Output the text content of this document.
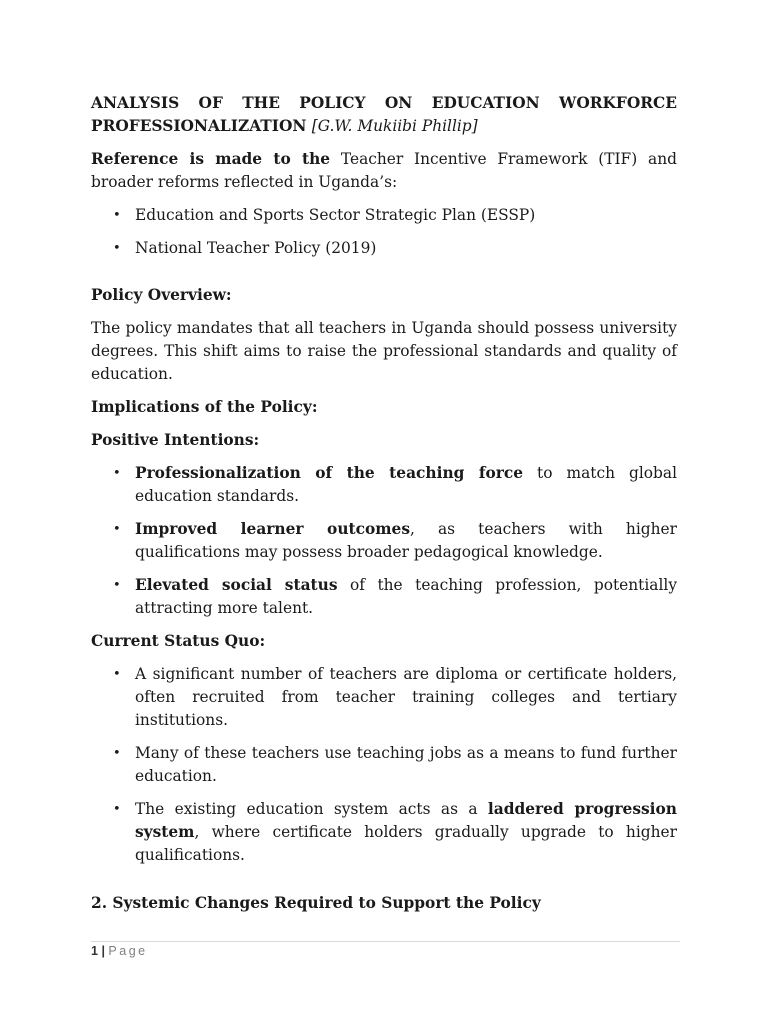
ANALYSIS OF THE POLICY ON EDUCATION WORKFORCE
PROFESSIONALIZATION [G.W. Mukiibi Phillip]

Reference is made to the Teacher Incentive Framework (TIF) and broader reforms reflected in Uganda’s:

• Education and Sports Sector Strategic Plan (ESSP)
• National Teacher Policy (2019)

Policy Overview:

The policy mandates that all teachers in Uganda should possess university degrees. This shift aims to raise the professional standards and quality of education.

Implications of the Policy:

Positive Intentions:

• Professionalization of the teaching force to match global education standards.
• Improved learner outcomes, as teachers with higher qualifications may possess broader pedagogical knowledge.
• Elevated social status of the teaching profession, potentially attracting more talent.

Current Status Quo:

• A significant number of teachers are diploma or certificate holders, often recruited from teacher training colleges and tertiary institutions.
• Many of these teachers use teaching jobs as a means to fund further education.
• The existing education system acts as a laddered progression system, where certificate holders gradually upgrade to higher qualifications.

2. Systemic Changes Required to Support the Policy

1 | Page
